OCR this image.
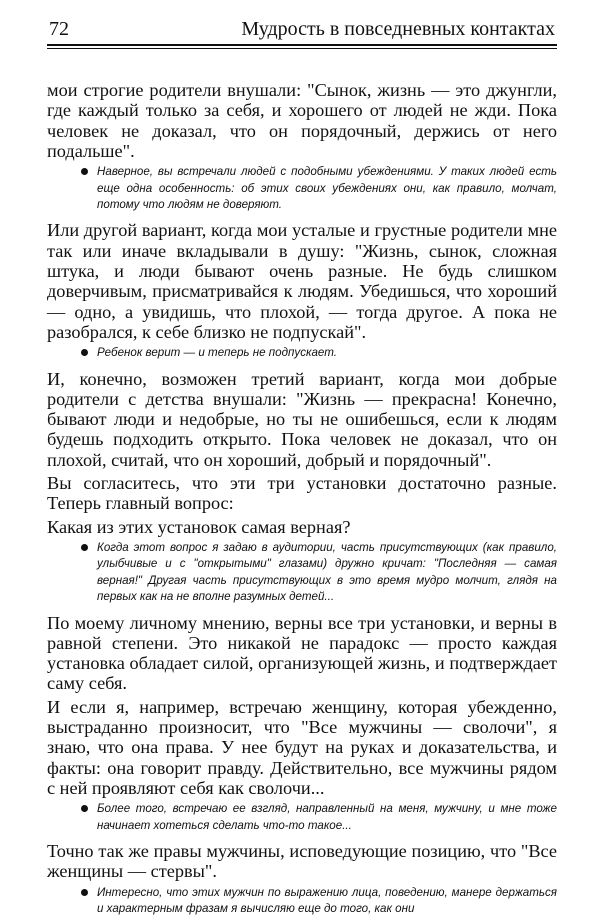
72	Мудрость в повседневных контактах

мои строгие родители внушали: "Сынок, жизнь — это джунгли, где каждый только за себя, и хорошего от людей не жди. Пока человек не доказал, что он порядочный, держись от него подальше".

Наверное, вы встречали людей с подобными убеждениями. У таких людей есть еще одна особенность: об этих своих убеждениях они, как правило, молчат, потому что людям не доверяют.

Или другой вариант, когда мои усталые и грустные родители мне так или иначе вкладывали в душу: "Жизнь, сынок, сложная штука, и люди бывают очень разные. Не будь слишком доверчивым, присматривайся к людям. Убедишься, что хороший — одно, а увидишь, что плохой, — тогда другое. А пока не разобрался, к себе близко не подпускай".

Ребенок верит — и теперь не подпускает.

И, конечно, возможен третий вариант, когда мои добрые родители с детства внушали: "Жизнь — прекрасна! Конечно, бывают люди и недобрые, но ты не ошибешься, если к людям будешь подходить открыто. Пока человек не доказал, что он плохой, считай, что он хороший, добрый и порядочный".

Вы согласитесь, что эти три установки достаточно разные. Теперь главный вопрос:

Какая из этих установок самая верная?

Когда этот вопрос я задаю в аудитории, часть присутствующих (как правило, улыбчивые и с "открытыми" глазами) дружно кричат: "Последняя — самая верная!" Другая часть присутствующих в это время мудро молчит, глядя на первых как на не вполне разумных детей...

По моему личному мнению, верны все три установки, и верны в равной степени. Это никакой не парадокс — просто каждая установка обладает силой, организующей жизнь, и подтверждает саму себя.

И если я, например, встречаю женщину, которая убежденно, выстраданно произносит, что "Все мужчины — сволочи", я знаю, что она права. У нее будут на руках и доказательства, и факты: она говорит правду. Действительно, все мужчины рядом с ней проявляют себя как сволочи...

Более того, встречаю ее взгляд, направленный на меня, мужчину, и мне тоже начинает хотеться сделать что-то такое...

Точно так же правы мужчины, исповедующие позицию, что "Все женщины — стервы".

Интересно, что этих мужчин по выражению лица, поведению, манере держаться и характерным фразам я вычисляю еще до того, как они
